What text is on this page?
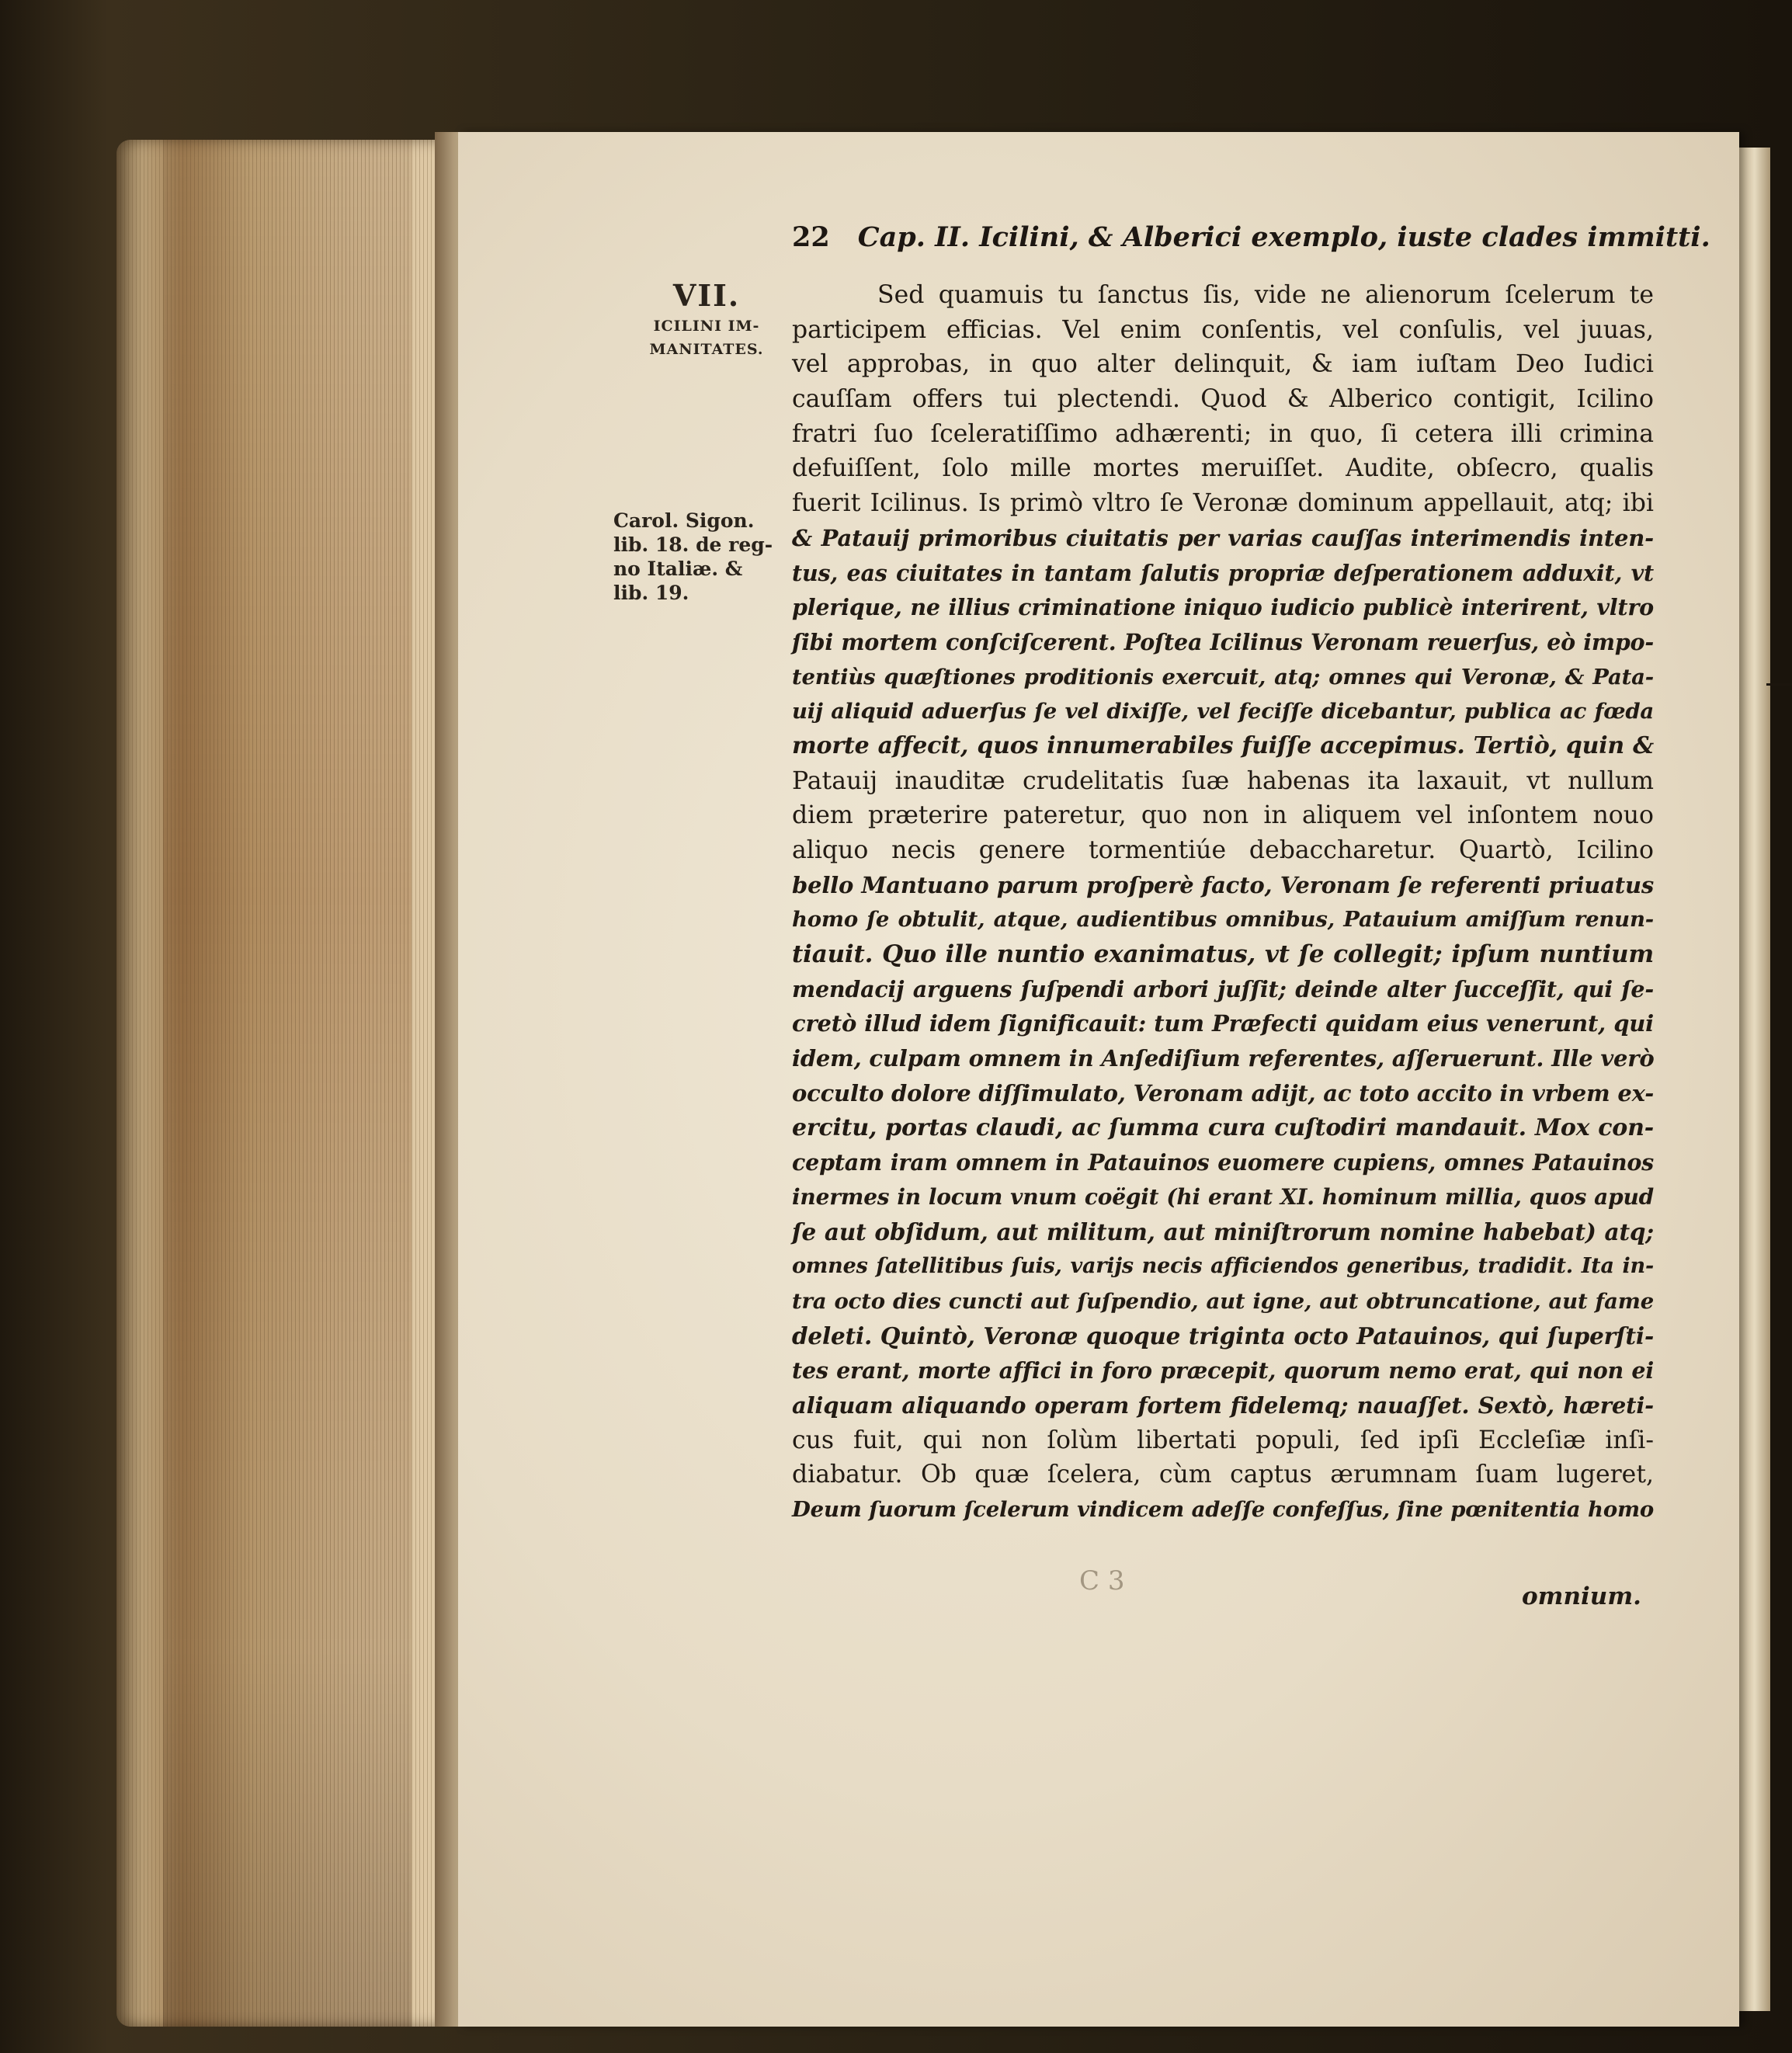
22 Cap. II. Icilini, & Alberici exemplo, iuste clades immitti.
VII.
ICILINI IM-
MANITATES.
Carol. Sigon.
lib. 18. de reg-
no Italiæ. &
lib. 19.
Sed quamuis tu ſanctus ſis, vide ne alienorum ſcelerum te
participem efficias. Vel enim conſentis, vel conſulis, vel juuas,
vel approbas, in quo alter delinquit, & iam iuſtam Deo Iudici
cauſſam offers tui plectendi. Quod & Alberico contigit, Icilino
fratri ſuo ſceleratiſſimo adhærenti; in quo, ſi cetera illi crimina
defuiſſent, ſolo mille mortes meruiſſet. Audite, obſecro, qualis
fuerit Icilinus. Is primò vltro ſe Veronæ dominum appellauit, atq; ibi
& Patauij primoribus ciuitatis per varias cauſſas interimendis inten-
tus, eas ciuitates in tantam ſalutis propriæ deſperationem adduxit, vt
plerique, ne illius criminatione iniquo iudicio publicè interirent, vltro
ſibi mortem conſciſcerent. Poſtea Icilinus Veronam reuerſus, eò impo-
tentiùs quæſtiones proditionis exercuit, atq; omnes qui Veronæ, & Pata-
uij aliquid aduerſus ſe vel dixiſſe, vel feciſſe dicebantur, publica ac fœda
morte affecit, quos innumerabiles fuiſſe accepimus. Tertiò, quin &
Patauij inauditæ crudelitatis ſuæ habenas ita laxauit, vt nullum
diem præterire pateretur, quo non in aliquem vel inſontem nouo
aliquo necis genere tormentiúe debaccharetur. Quartò, Icilino
bello Mantuano parum proſperè facto, Veronam ſe referenti priuatus
homo ſe obtulit, atque, audientibus omnibus, Patauium amiſſum renun-
tiauit. Quo ille nuntio exanimatus, vt ſe collegit; ipſum nuntium
mendacij arguens ſuſpendi arbori juſſit; deinde alter ſucceſſit, qui ſe-
cretò illud idem ſignificauit: tum Præfecti quidam eius venerunt, qui
idem, culpam omnem in Anſediſium referentes, aſſeruerunt. Ille verò
occulto dolore diſſimulato, Veronam adijt, ac toto accito in vrbem ex-
ercitu, portas claudi, ac ſumma cura cuſtodiri mandauit. Mox con-
ceptam iram omnem in Patauinos euomere cupiens, omnes Patauinos
inermes in locum vnum coëgit (hi erant XI. hominum millia, quos apud
ſe aut obſidum, aut militum, aut miniſtrorum nomine habebat) atq;
omnes ſatellitibus ſuis, varijs necis afficiendos generibus, tradidit. Ita in-
tra octo dies cuncti aut ſuſpendio, aut igne, aut obtruncatione, aut fame
deleti. Quintò, Veronæ quoque triginta octo Patauinos, qui ſuperſti-
tes erant, morte affici in foro præcepit, quorum nemo erat, qui non ei
aliquam aliquando operam fortem fidelemq; nauaſſet. Sextò, hæreti-
cus fuit, qui non ſolùm libertati populi, ſed ipſi Eccleſiæ inſi-
diabatur. Ob quæ ſcelera, cùm captus ærumnam ſuam lugeret,
Deum ſuorum ſcelerum vindicem adeſſe confeſſus, ſine pœnitentia homo
C 3	omnium.
